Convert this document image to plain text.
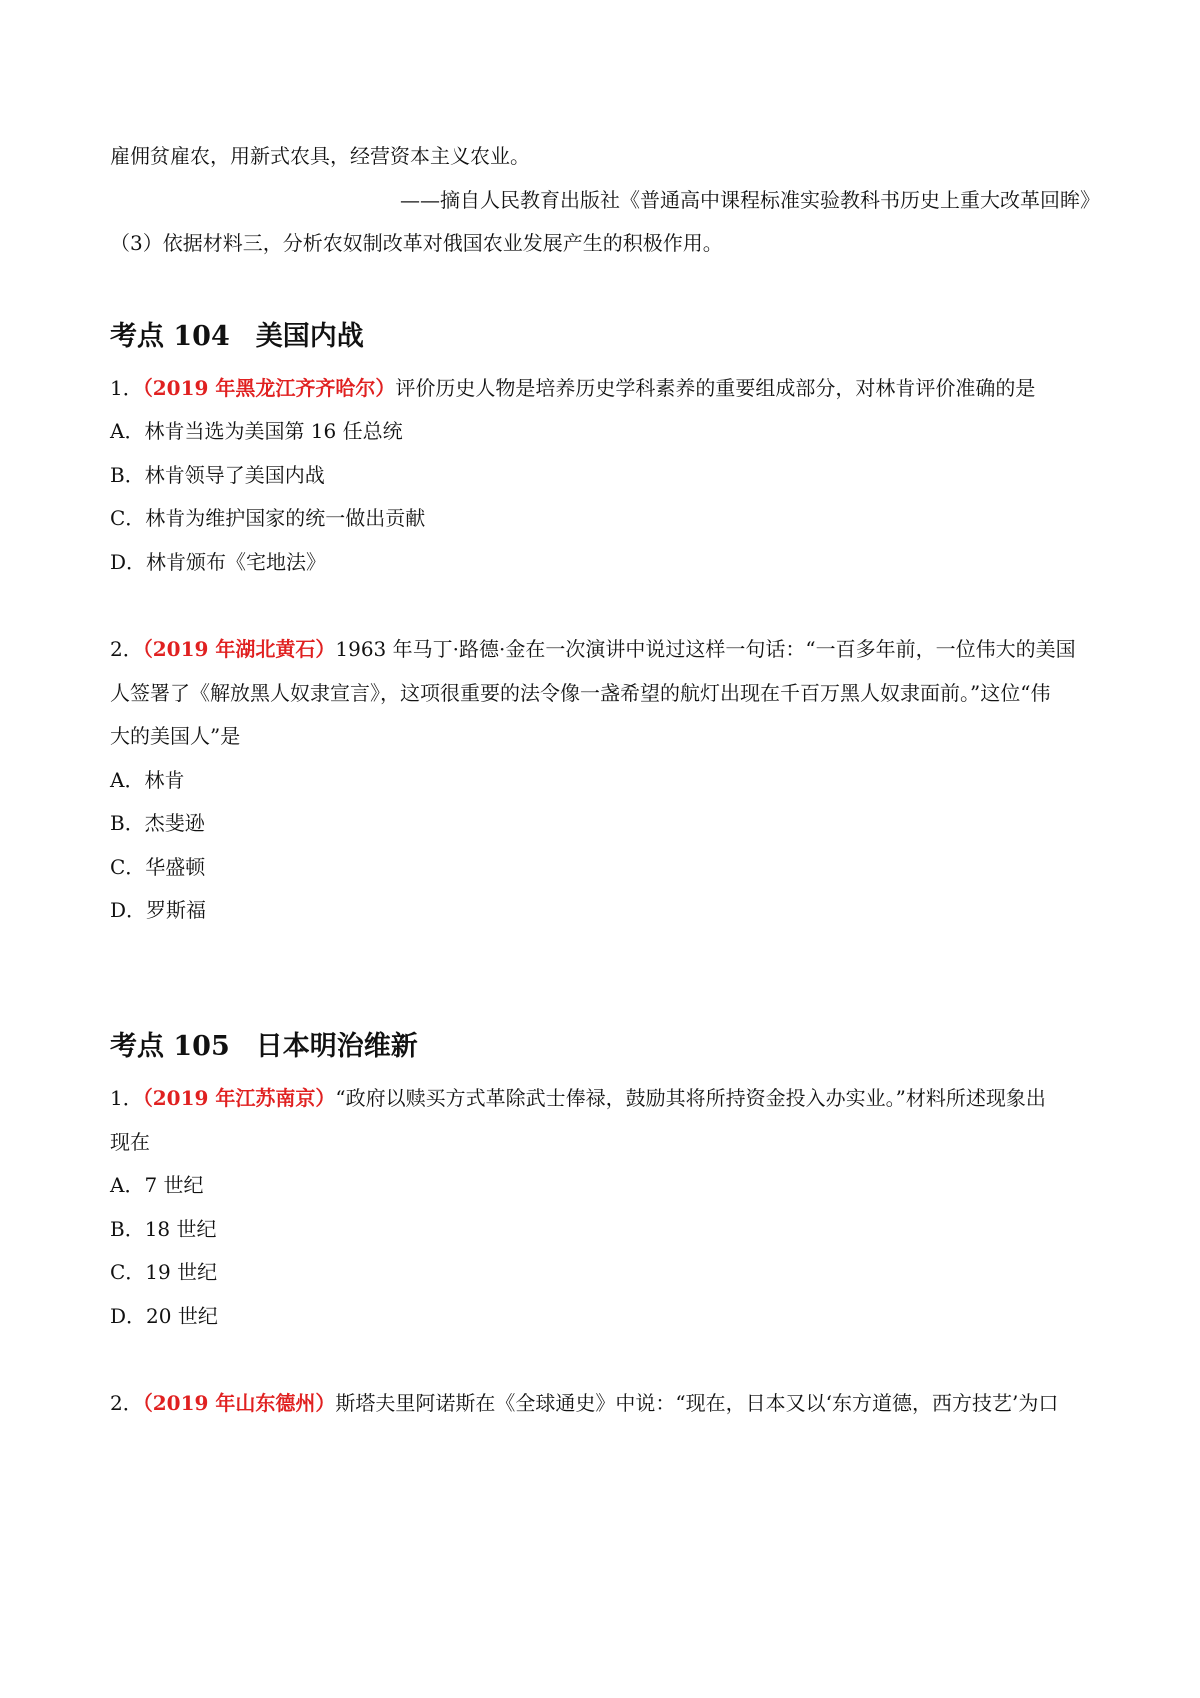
雇佣贫雇农，用新式农具，经营资本主义农业。
——摘自人民教育出版社《普通高中课程标准实验教科书历史上重大改革回眸》
（3）依据材料三，分析农奴制改革对俄国农业发展产生的积极作用。
考点 104 美国内战
1．（2019 年黑龙江齐齐哈尔）评价历史人物是培养历史学科素养的重要组成部分，对林肯评价准确的是
A．林肯当选为美国第 16 任总统
B．林肯领导了美国内战
C．林肯为维护国家的统一做出贡献
D．林肯颁布《宅地法》
2．（2019 年湖北黄石）1963 年马丁·路德·金在一次演讲中说过这样一句话：“一百多年前，一位伟大的美国
人签署了《解放黑人奴隶宣言》，这项很重要的法令像一盏希望的航灯出现在千百万黑人奴隶面前。”这位“伟
大的美国人”是
A．林肯
B．杰斐逊
C．华盛顿
D．罗斯福
考点 105 日本明治维新
1．（2019 年江苏南京）“政府以赎买方式革除武士俸禄，鼓励其将所持资金投入办实业。”材料所述现象出
现在
A．7 世纪
B．18 世纪
C．19 世纪
D．20 世纪
2．（2019 年山东德州）斯塔夫里阿诺斯在《全球通史》中说：“现在，日本又以‘东方道德，西方技艺’为口
